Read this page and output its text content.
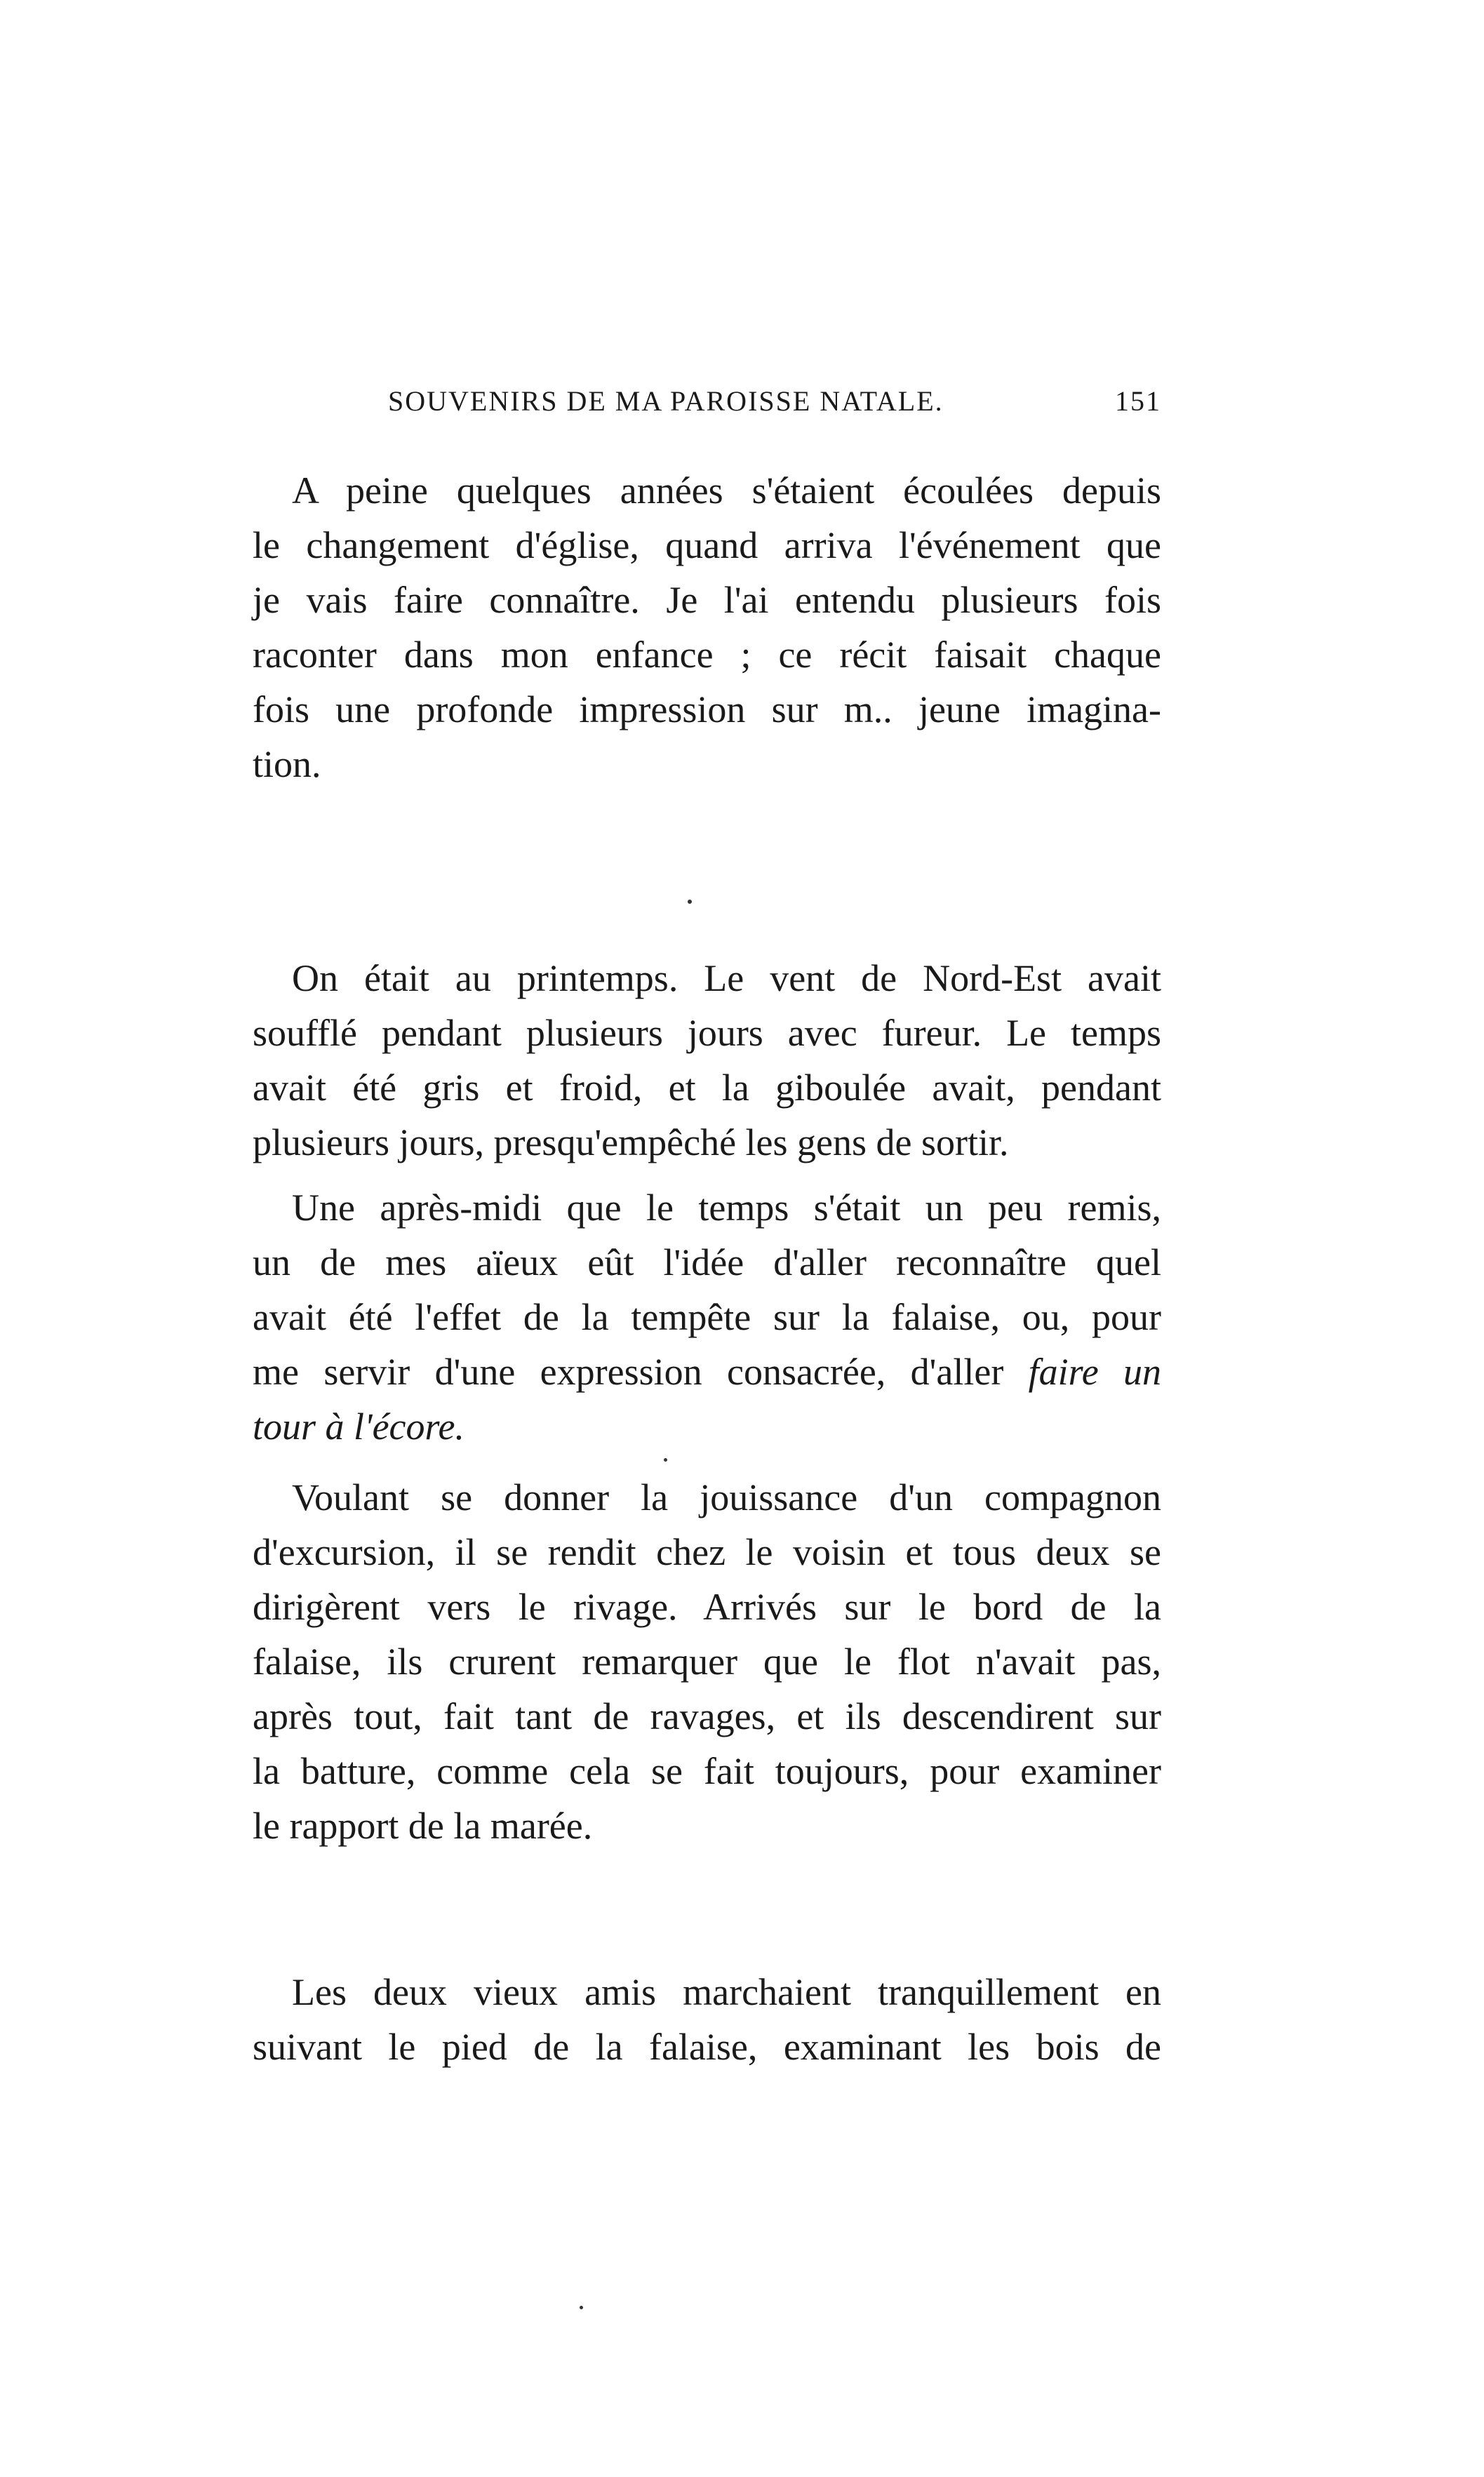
SOUVENIRS DE MA PAROISSE NATALE.	151
A peine quelques années s'étaient écoulées depuis
le changement d'église, quand arriva l'événement que
je vais faire connaître. Je l'ai entendu plusieurs fois
raconter dans mon enfance ; ce récit faisait chaque
fois une profonde impression sur m.. jeune imagina-
tion.
On était au printemps. Le vent de Nord-Est avait
soufflé pendant plusieurs jours avec fureur. Le temps
avait été gris et froid, et la giboulée avait, pendant
plusieurs jours, presqu'empêché les gens de sortir.
Une après-midi que le temps s'était un peu remis,
un de mes aïeux eût l'idée d'aller reconnaître quel
avait été l'effet de la tempête sur la falaise, ou, pour
me servir d'une expression consacrée, d'aller faire un
tour à l'écore.
Voulant se donner la jouissance d'un compagnon
d'excursion, il se rendit chez le voisin et tous deux se
dirigèrent vers le rivage. Arrivés sur le bord de la
falaise, ils crurent remarquer que le flot n'avait pas,
après tout, fait tant de ravages, et ils descendirent sur
la batture, comme cela se fait toujours, pour examiner
le rapport de la marée.
Les deux vieux amis marchaient tranquillement en
suivant le pied de la falaise, examinant les bois de
